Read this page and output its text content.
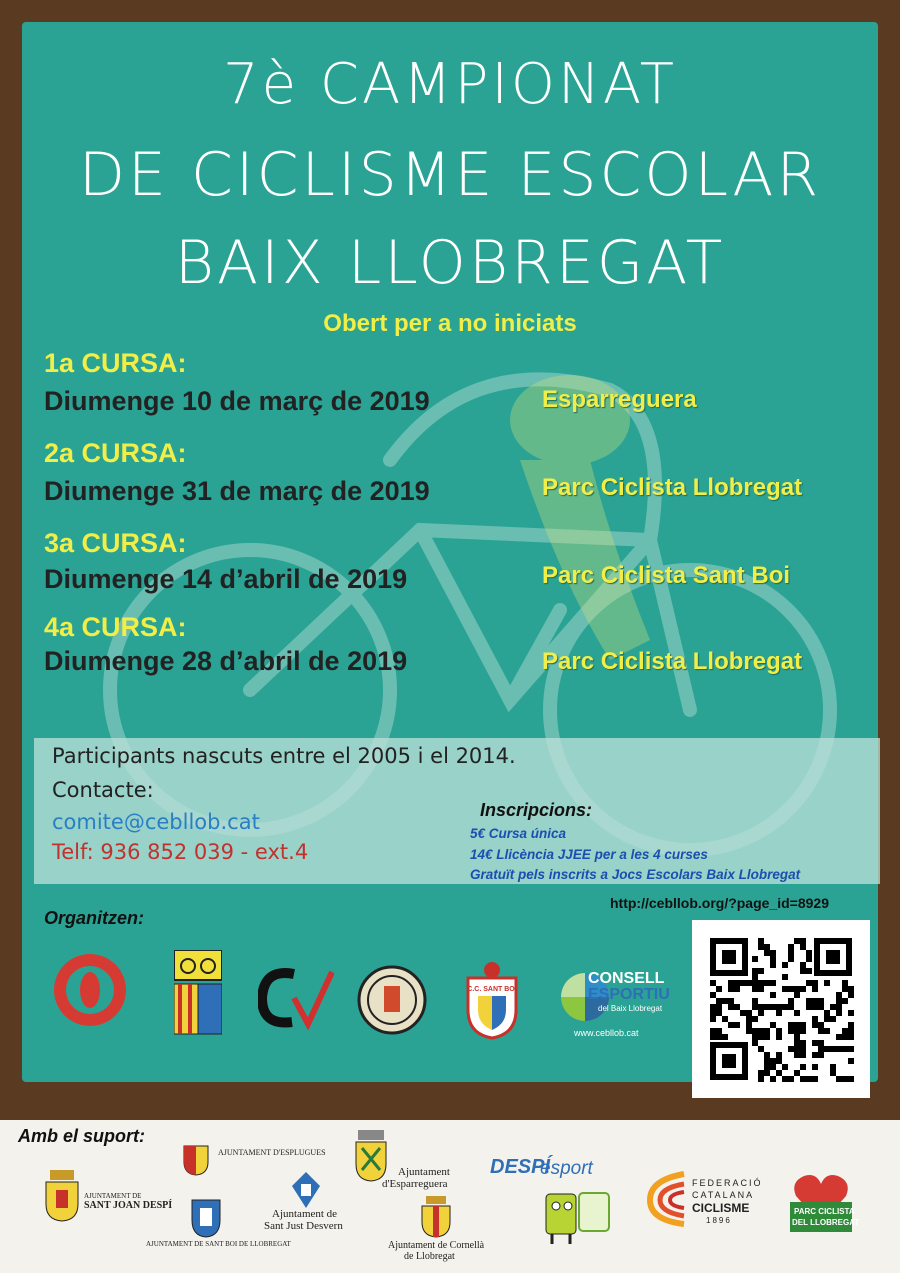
7è CAMPIONAT
DE CICLISME ESCOLAR
BAIX LLOBREGAT
Obert per a no iniciats
1a CURSA:
Diumenge 10 de març de 2019	Esparreguera
2a CURSA:
Diumenge 31 de març de 2019	Parc Ciclista Llobregat
3a CURSA:
Diumenge 14 d’abril de 2019	Parc Ciclista Sant Boi
4a CURSA:
Diumenge 28 d’abril de 2019	Parc Ciclista Llobregat
Participants nascuts entre el 2005 i el 2014.
Contacte:
comite@cebllob.cat
Telf: 936 852 039 - ext.4
Inscripcions:
5€ Cursa única
14€ Llicència JJEE per a les 4 curses
Gratuït pels inscrits a Jocs Escolars Baix Llobregat
http://cebllob.org/?page_id=8929
Organitzen:
C.C. SANT BOI
CONSELL
ESPORTIU
del Baix Llobregat
www.cebllob.cat
Amb el suport:
AJUNTAMENT D'ESPLUGUES
Ajuntament
d'Esparreguera
DESPÍ
esport
AJUNTAMENT DE
SANT JOAN DESPÍ
AJUNTAMENT DE SANT BOI DE LLOBREGAT
Ajuntament de
Sant Just Desvern
Ajuntament de Cornellà
de Llobregat
FEDERACIÓ
CATALANA
CICLISME
1896
PARC CICLISTA
DEL LLOBREGAT
